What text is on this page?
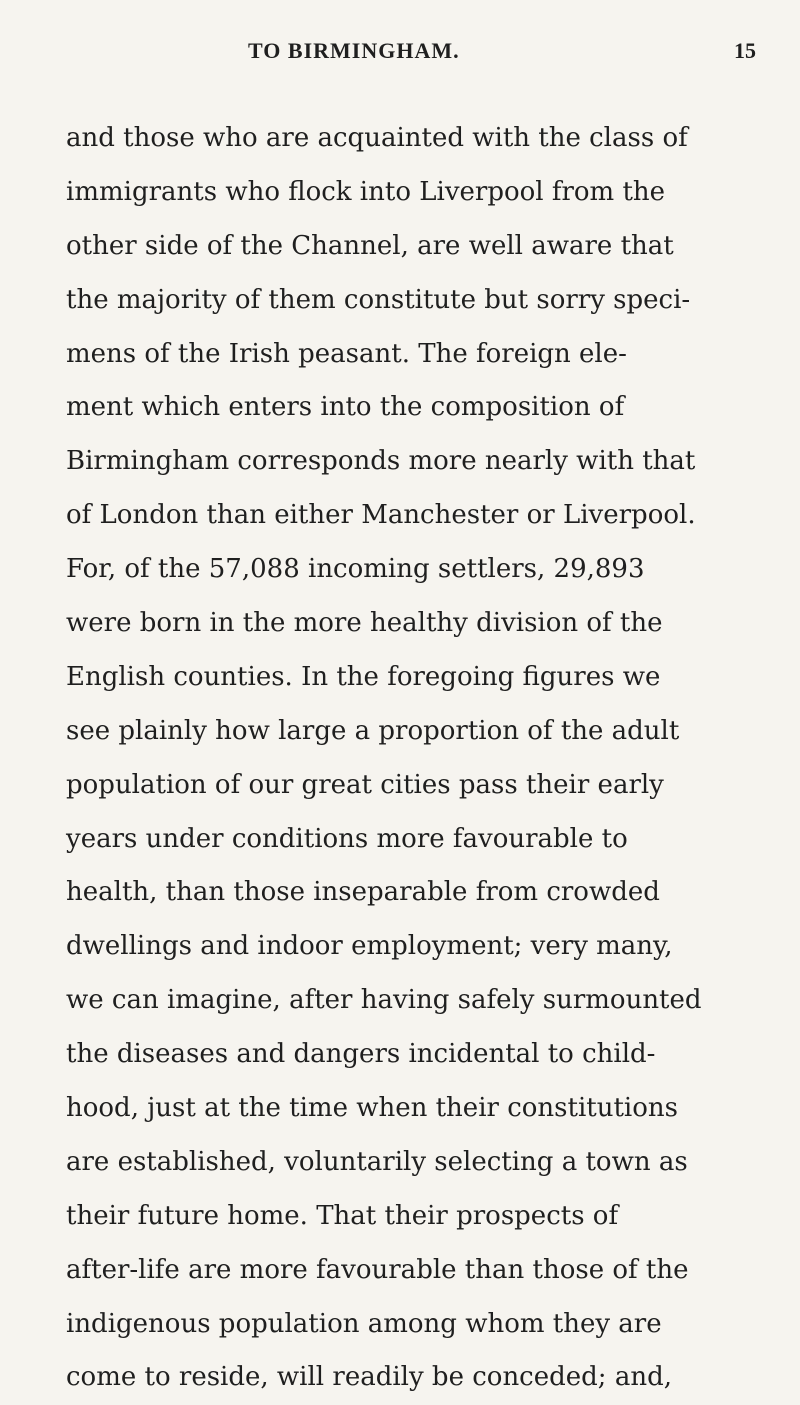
TO BIRMINGHAM.	15
and those who are acquainted with the class of
immigrants who flock into Liverpool from the
other side of the Channel, are well aware that
the majority of them constitute but sorry speci-
mens of the Irish peasant. The foreign ele-
ment which enters into the composition of
Birmingham corresponds more nearly with that
of London than either Manchester or Liverpool.
For, of the 57,088 incoming settlers, 29,893
were born in the more healthy division of the
English counties. In the foregoing figures we
see plainly how large a proportion of the adult
population of our great cities pass their early
years under conditions more favourable to
health, than those inseparable from crowded
dwellings and indoor employment; very many,
we can imagine, after having safely surmounted
the diseases and dangers incidental to child-
hood, just at the time when their constitutions
are established, voluntarily selecting a town as
their future home. That their prospects of
after-life are more favourable than those of the
indigenous population among whom they are
come to reside, will readily be conceded; and,
